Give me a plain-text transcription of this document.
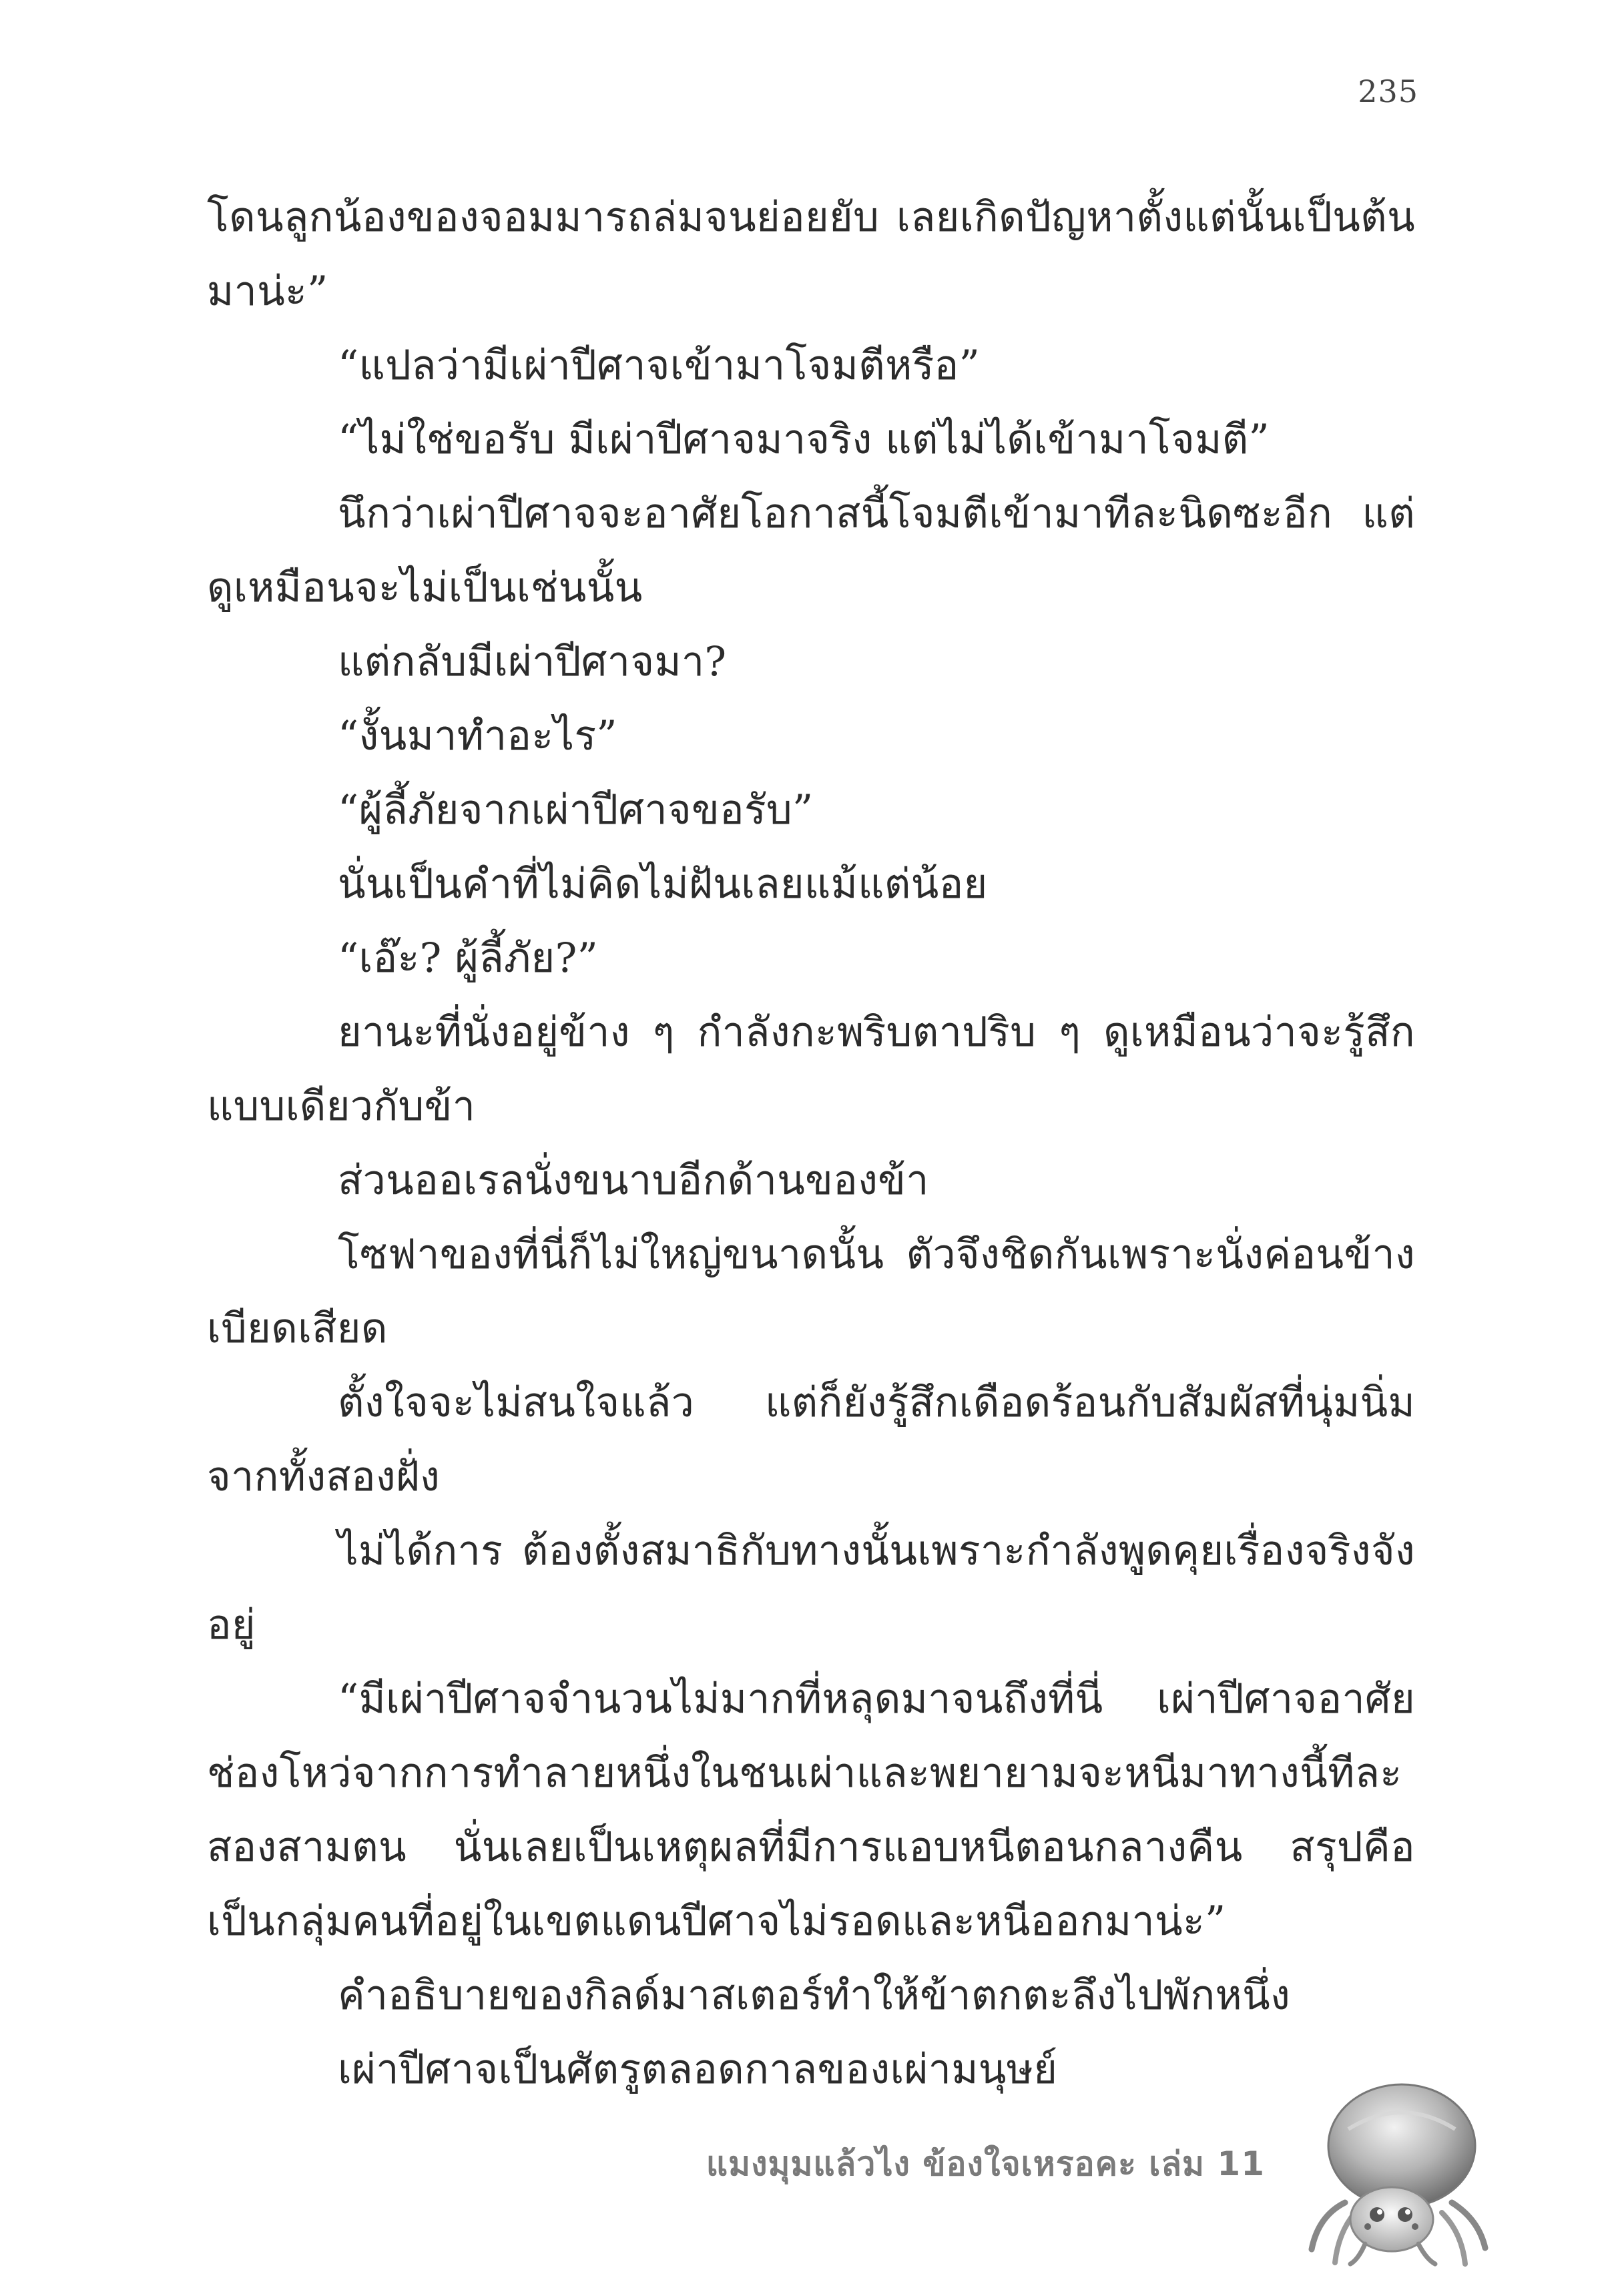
235

โดนลูกน้องของจอมมารถล่มจนย่อยยับ เลยเกิดปัญหาตั้งแต่นั้นเป็นต้นมาน่ะ”

“แปลว่ามีเผ่าปีศาจเข้ามาโจมตีหรือ”

“ไม่ใช่ขอรับ มีเผ่าปีศาจมาจริง แต่ไม่ได้เข้ามาโจมตี”

นึกว่าเผ่าปีศาจจะอาศัยโอกาสนี้โจมตีเข้ามาทีละนิดซะอีก แต่ดูเหมือนจะไม่เป็นเช่นนั้น

แต่กลับมีเผ่าปีศาจมา?

“งั้นมาทำอะไร”

“ผู้ลี้ภัยจากเผ่าปีศาจขอรับ”

นั่นเป็นคำที่ไม่คิดไม่ฝันเลยแม้แต่น้อย

“เอ๊ะ? ผู้ลี้ภัย?”

ยานะที่นั่งอยู่ข้าง ๆ กำลังกะพริบตาปริบ ๆ ดูเหมือนว่าจะรู้สึกแบบเดียวกับข้า

ส่วนออเรลนั่งขนาบอีกด้านของข้า

โซฟาของที่นี่ก็ไม่ใหญ่ขนาดนั้น ตัวจึงชิดกันเพราะนั่งค่อนข้างเบียดเสียด

ตั้งใจจะไม่สนใจแล้ว แต่ก็ยังรู้สึกเดือดร้อนกับสัมผัสที่นุ่มนิ่มจากทั้งสองฝั่ง

ไม่ได้การ ต้องตั้งสมาธิกับทางนั้นเพราะกำลังพูดคุยเรื่องจริงจังอยู่

“มีเผ่าปีศาจจำนวนไม่มากที่หลุดมาจนถึงที่นี่ เผ่าปีศาจอาศัยช่องโหว่จากการทำลายหนึ่งในชนเผ่าและพยายามจะหนีมาทางนี้ทีละสองสามตน นั่นเลยเป็นเหตุผลที่มีการแอบหนีตอนกลางคืน สรุปคือเป็นกลุ่มคนที่อยู่ในเขตแดนปีศาจไม่รอดและหนีออกมาน่ะ”

คำอธิบายของกิลด์มาสเตอร์ทำให้ข้าตกตะลึงไปพักหนึ่ง

เผ่าปีศาจเป็นศัตรูตลอดกาลของเผ่ามนุษย์

แมงมุมแล้วไง ข้องใจเหรอคะ เล่ม 11
